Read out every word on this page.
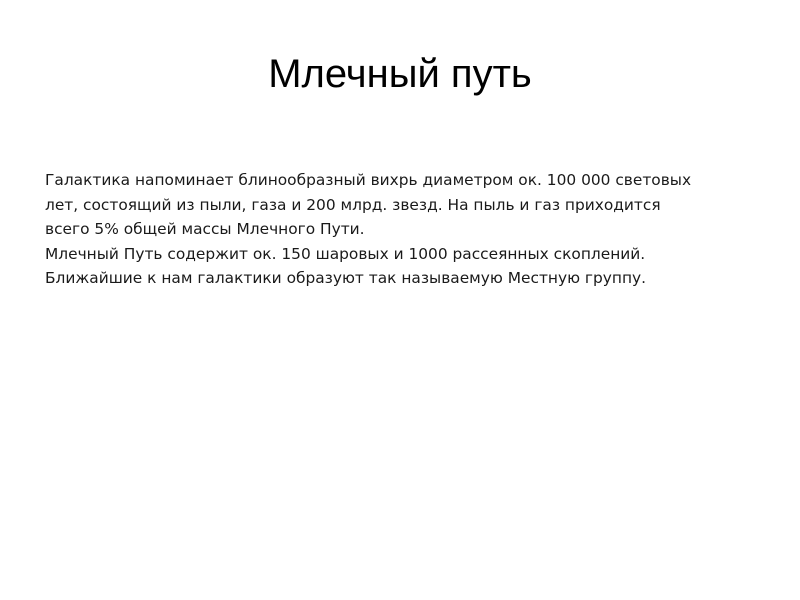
Млечный путь
Галактика напоминает блинообразный вихрь диаметром ок. 100 000 световых
лет, состоящий из пыли, газа и 200 млрд. звезд. На пыль и газ приходится
всего 5% общей массы Млечного Пути.
Млечный Путь содержит ок. 150 шаровых и 1000 рассеянных скоплений.
Ближайшие к нам галактики образуют так называемую Местную группу.
